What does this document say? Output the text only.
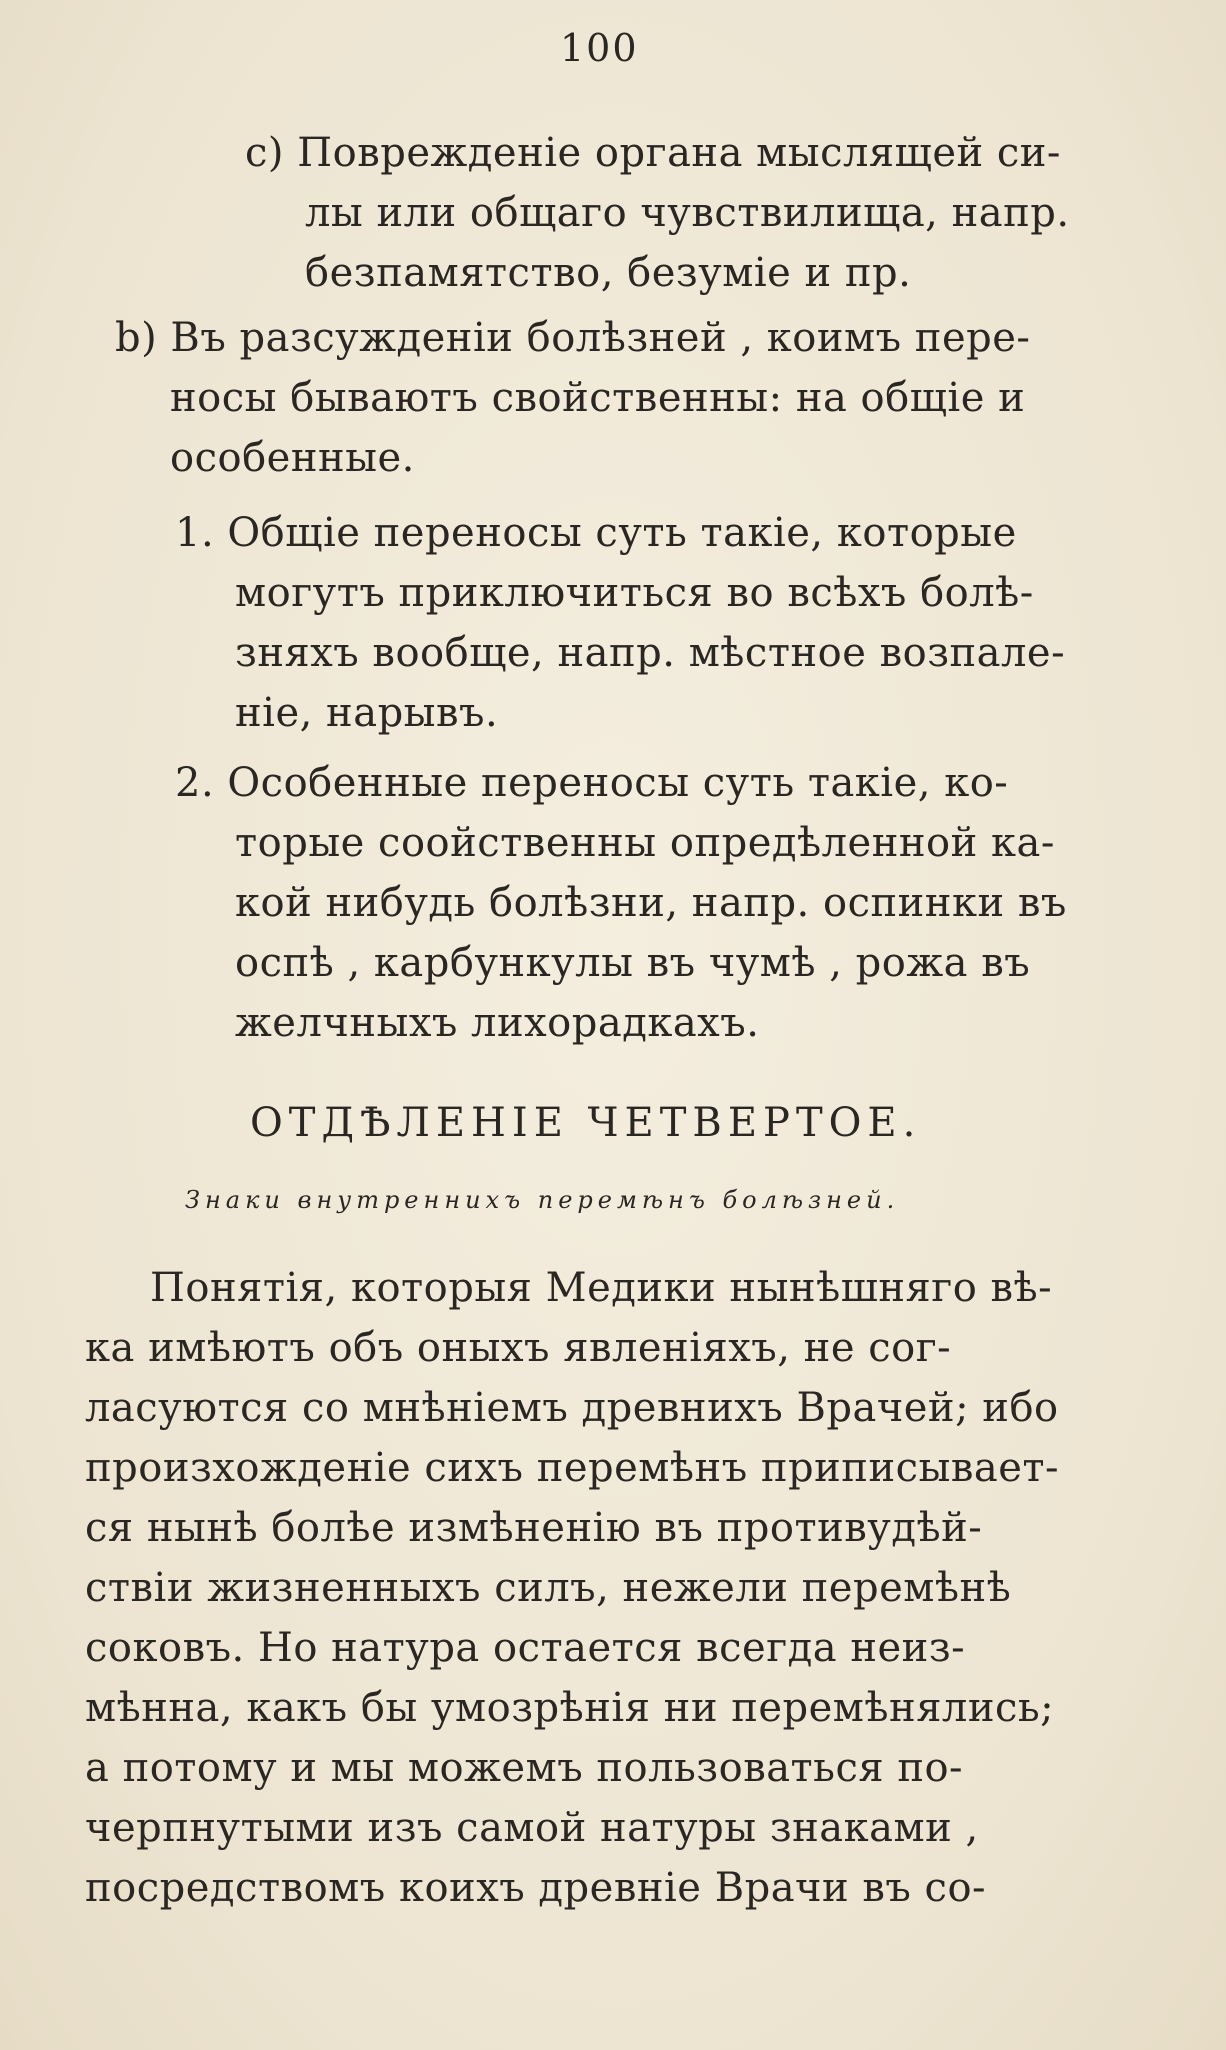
100
c) Поврежденіе органа мыслящей си-
лы или общаго чувствилища, напр.
безпамятство, безуміе и пр.
b) Въ разсужденіи болѣзней , коимъ пере-
носы бываютъ свойственны: на общіе и
особенные.
1. Общіе переносы суть такіе, которые
могутъ приключиться во всѣхъ болѣ-
зняхъ вообще, напр. мѣстное возпале-
ніе, нарывъ.
2. Особенные переносы суть такіе, ко-
торые соойственны опредѣленной ка-
кой нибудь болѣзни, напр. оспинки въ
оспѣ , карбункулы въ чумѣ , рожа въ
желчныхъ лихорадкахъ.
ОТДѢЛЕНІЕ ЧЕТВЕРТОЕ.
Знаки внутреннихъ перемѣнъ болѣзней.
Понятія, которыя Медики нынѣшняго вѣ-
ка имѣютъ объ оныхъ явленіяхъ, не сог-
ласуются со мнѣніемъ древнихъ Врачей; ибо
произхожденіе сихъ перемѣнъ приписывает-
ся нынѣ болѣе измѣненію въ противудѣй-
ствіи жизненныхъ силъ, нежели перемѣнѣ
соковъ. Но натура остается всегда неиз-
мѣнна, какъ бы умозрѣнія ни перемѣнялись;
а потому и мы можемъ пользоваться по-
черпнутыми изъ самой натуры знаками ,
посредствомъ коихъ древніе Врачи въ со-
